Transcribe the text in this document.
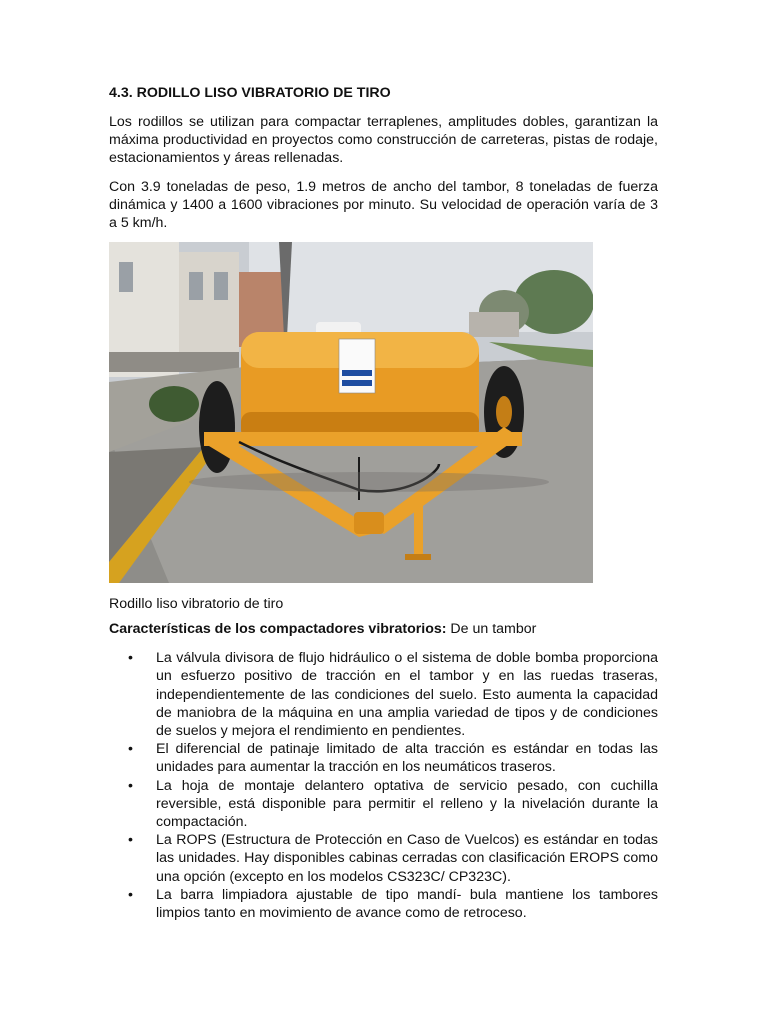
4.3. RODILLO LISO VIBRATORIO DE TIRO

Los rodillos se utilizan para compactar terraplenes, amplitudes dobles, garantizan la máxima productividad en proyectos como construcción de carreteras, pistas de rodaje, estacionamientos y áreas rellenadas.

Con 3.9 toneladas de peso, 1.9 metros de ancho del tambor, 8 toneladas de fuerza dinámica y 1400 a 1600 vibraciones por minuto. Su velocidad de operación varía de 3 a 5 km/h.

Rodillo liso vibratorio de tiro
Características de los compactadores vibratorios: De un tambor
• La válvula divisora de flujo hidráulico o el sistema de doble bomba proporciona un esfuerzo positivo de tracción en el tambor y en las ruedas traseras, independientemente de las condiciones del suelo. Esto aumenta la capacidad de maniobra de la máquina en una amplia variedad de tipos y de condiciones de suelos y mejora el rendimiento en pendientes.
• El diferencial de patinaje limitado de alta tracción es estándar en todas las unidades para aumentar la tracción en los neumáticos traseros.
• La hoja de montaje delantero optativa de servicio pesado, con cuchilla reversible, está disponible para permitir el relleno y la nivelación durante la compactación.
• La ROPS (Estructura de Protección en Caso de Vuelcos) es estándar en todas las unidades. Hay disponibles cabinas cerradas con clasificación EROPS como una opción (excepto en los modelos CS323C/ CP323C).
• La barra limpiadora ajustable de tipo mandí- bula mantiene los tambores limpios tanto en movimiento de avance como de retroceso.
